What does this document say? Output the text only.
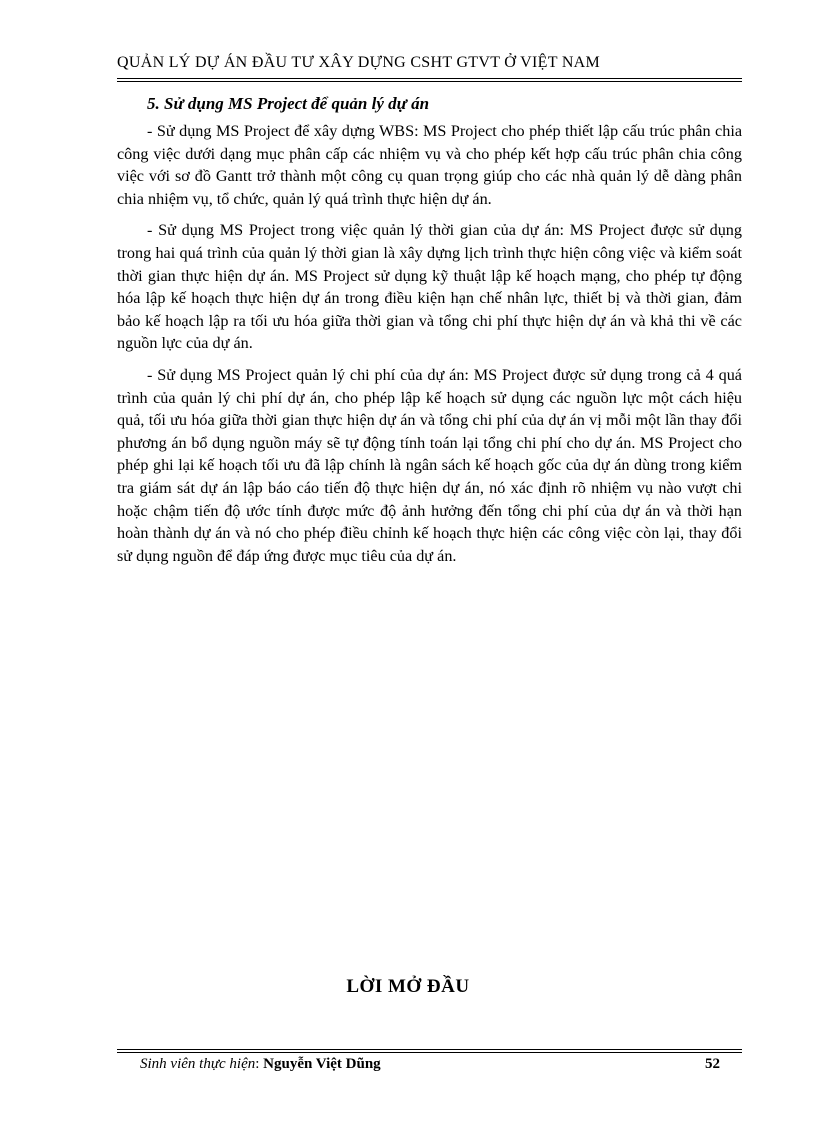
QUẢN LÝ DỰ ÁN ĐẦU TƯ XÂY DỰNG CSHT GTVT Ở VIỆT NAM
5. Sử dụng MS Project để quản lý dự án

- Sử dụng MS Project để xây dựng WBS: MS Project cho phép thiết lập cấu trúc phân chia công việc dưới dạng mục phân cấp các nhiệm vụ và cho phép kết hợp cấu trúc phân chia công việc với sơ đồ Gantt trở thành một công cụ quan trọng giúp cho các nhà quản lý dễ dàng phân chia nhiệm vụ, tổ chức, quản lý quá trình thực hiện dự án.

- Sử dụng MS Project trong việc quản lý thời gian của dự án: MS Project được sử dụng trong hai quá trình của quản lý thời gian là xây dựng lịch trình thực hiện công việc và kiểm soát thời gian thực hiện dự án. MS Project sử dụng kỹ thuật lập kế hoạch mạng, cho phép tự động hóa lập kế hoạch thực hiện dự án trong điều kiện hạn chế nhân lực, thiết bị và thời gian, đảm bảo kế hoạch lập ra tối ưu hóa giữa thời gian và tổng chi phí thực hiện dự án và khả thi về các nguồn lực của dự án.

- Sử dụng MS Project quản lý chi phí của dự án: MS Project được sử dụng trong cả 4 quá trình của quản lý chi phí dự án, cho phép lập kế hoạch sử dụng các nguồn lực một cách hiệu quả, tối ưu hóa giữa thời gian thực hiện dự án và tổng chi phí của dự án vị mỗi một lần thay đổi phương án bổ dụng nguồn máy sẽ tự động tính toán lại tổng chi phí cho dự án. MS Project cho phép ghi lại kế hoạch tối ưu đã lập chính là ngân sách kế hoạch gốc của dự án dùng trong kiểm tra giám sát dự án lập báo cáo tiến độ thực hiện dự án, nó xác định rõ nhiệm vụ nào vượt chi hoặc chậm tiến độ ước tính được mức độ ảnh hưởng đến tổng chi phí của dự án và thời hạn hoàn thành dự án và nó cho phép điều chỉnh kế hoạch thực hiện các công việc còn lại, thay đổi sử dụng nguồn để đáp ứng được mục tiêu của dự án.

LỜI MỞ ĐẦU
Sinh viên thực hiện: Nguyễn Việt Dũng	52
